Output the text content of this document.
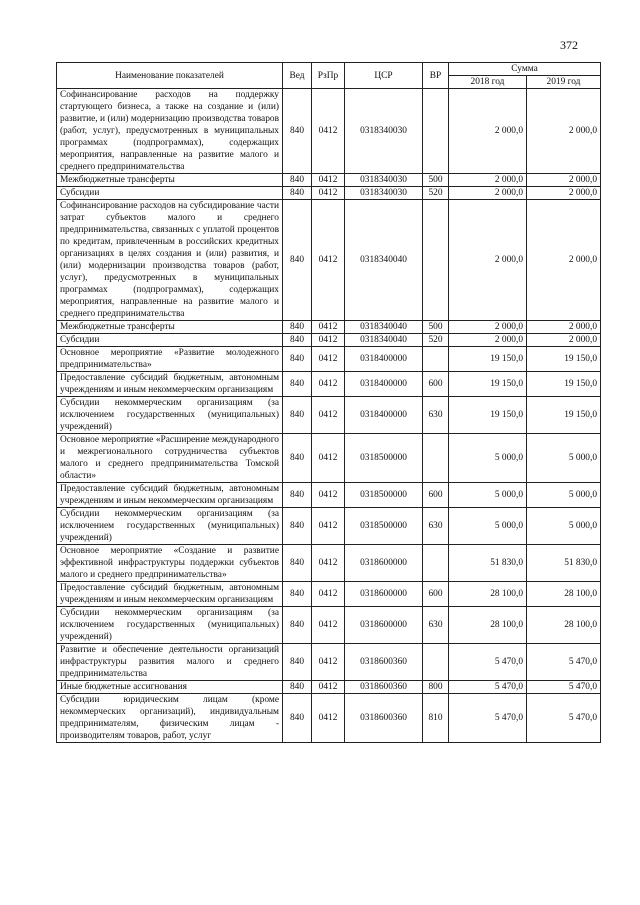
372
Наименование показателей	Вед	РзПр	ЦСР	ВР	Сумма	
					2018 год	2019 год
Софинансирование расходов на поддержку стартующего бизнеса, а также на создание и (или) развитие, и (или) модернизацию производства товаров (работ, услуг), предусмотренных в муниципальных программах (подпрограммах), содержащих мероприятия, направленные на развитие малого и среднего предпринимательства	840	0412	0318340030		2 000,0	2 000,0
Межбюджетные трансферты	840	0412	0318340030	500	2 000,0	2 000,0
Субсидии	840	0412	0318340030	520	2 000,0	2 000,0
Софинансирование расходов на субсидирование части затрат субъектов малого и среднего предпринимательства, связанных с уплатой процентов по кредитам, привлеченным в российских кредитных организациях в целях создания и (или) развития, и (или) модернизации производства товаров (работ, услуг), предусмотренных в муниципальных программах (подпрограммах), содержащих мероприятия, направленные на развитие малого и среднего предпринимательства	840	0412	0318340040		2 000,0	2 000,0
Межбюджетные трансферты	840	0412	0318340040	500	2 000,0	2 000,0
Субсидии	840	0412	0318340040	520	2 000,0	2 000,0
Основное мероприятие «Развитие молодежного предпринимательства»	840	0412	0318400000		19 150,0	19 150,0
Предоставление субсидий бюджетным, автономным учреждениям и иным некоммерческим организациям	840	0412	0318400000	600	19 150,0	19 150,0
Субсидии некоммерческим организациям (за исключением государственных (муниципальных) учреждений)	840	0412	0318400000	630	19 150,0	19 150,0
Основное мероприятие «Расширение международного и межрегионального сотрудничества субъектов малого и среднего предпринимательства Томской области»	840	0412	0318500000		5 000,0	5 000,0
Предоставление субсидий бюджетным, автономным учреждениям и иным некоммерческим организациям	840	0412	0318500000	600	5 000,0	5 000,0
Субсидии некоммерческим организациям (за исключением государственных (муниципальных) учреждений)	840	0412	0318500000	630	5 000,0	5 000,0
Основное мероприятие «Создание и развитие эффективной инфраструктуры поддержки субъектов малого и среднего предпринимательства»	840	0412	0318600000		51 830,0	51 830,0
Предоставление субсидий бюджетным, автономным учреждениям и иным некоммерческим организациям	840	0412	0318600000	600	28 100,0	28 100,0
Субсидии некоммерческим организациям (за исключением государственных (муниципальных) учреждений)	840	0412	0318600000	630	28 100,0	28 100,0
Развитие и обеспечение деятельности организаций инфраструктуры развития малого и среднего предпринимательства	840	0412	0318600360		5 470,0	5 470,0
Иные бюджетные ассигнования	840	0412	0318600360	800	5 470,0	5 470,0
Субсидии юридическим лицам (кроме некоммерческих организаций), индивидуальным предпринимателям, физическим лицам - производителям товаров, работ, услуг	840	0412	0318600360	810	5 470,0	5 470,0
